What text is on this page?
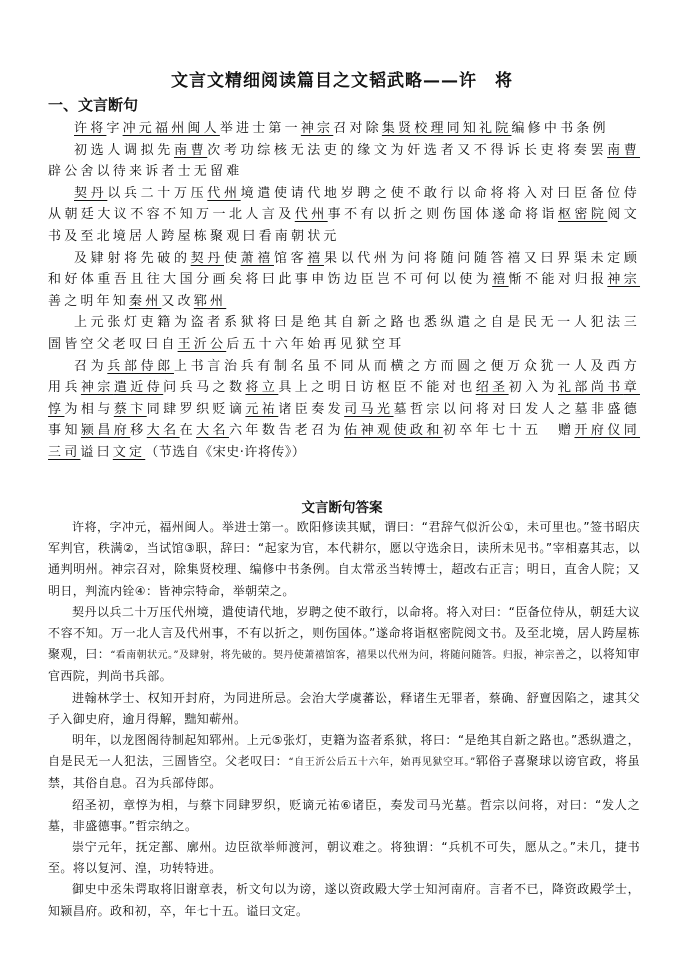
文言文精细阅读篇目之文韬武略——许　将
一、文言断句

许将字冲元福州闽人举进士第一神宗召对除集贤校理同知礼院编修中书条例

初选人调拟先南曹次考功综核无法吏的缘文为奸选者又不得诉长吏将奏罢南曹辟公舍以待来诉者士无留难

契丹以兵二十万压代州境遣使请代地岁聘之使不敢行以命将将入对曰臣备位侍从朝廷大议不容不知万一北人言及代州事不有以折之则伤国体遂命将诣枢密院阅文书及至北境居人跨屋栋聚观曰看南朝状元

及肄射将先破的契丹使萧禧馆客禧果以代州为问将随问随答禧又曰界渠未定顾和好体重吾且往大国分画矣将曰此事申饬边臣岂不可何以使为禧惭不能对归报神宗善之明年知秦州又改郓州

上元张灯吏籍为盗者系狱将曰是绝其自新之路也悉纵遣之自是民无一人犯法三圄皆空父老叹曰自王沂公后五十六年始再见狱空耳

召为兵部侍郎上书言治兵有制名虽不同从而横之方而圆之便万众犹一人及西方用兵神宗遣近侍问兵马之数将立具上之明日访枢臣不能对也绍圣初入为礼部尚书章惇为相与蔡卞同肆罗织贬谪元祐诸臣奏发司马光墓哲宗以问将对曰发人之墓非盛德事知颍昌府移大名在大名六年数告老召为佑神观使政和初卒年七十五　赠开府仪同三司谥曰文定（节选自《宋史·许将传》）

文言断句答案

许将，字冲元，福州闽人。举进士第一。欧阳修读其赋，谓曰：“君辞气似沂公①，未可里也。”签书昭庆军判官，秩满②，当试馆③职，辞曰：“起家为官，本代耕尔，愿以守选余日，读所未见书。”宰相嘉其志，以通判明州。神宗召对，除集贤校理、编修中书条例。自太常丞当转博士，超改右正言；明日，直舍人院；又明日，判流内铨④：皆神宗特命，举朝荣之。

契丹以兵二十万压代州境，遣使请代地，岁聘之使不敢行，以命将。将入对曰：“臣备位侍从，朝廷大议不容不知。万一北人言及代州事，不有以折之，则伤国体。”遂命将诣枢密院阅文书。及至北境，居人跨屋栋聚观，曰：“看南朝状元。”及肆射，将先破的。契丹使萧禧馆客，禧果以代州为问，将随问随答。归报，神宗善之，以将知审官西院，判尚书兵部。

进翰林学士、权知开封府，为同进所忌。会治大学虞蕃讼，释诸生无罪者，蔡确、舒亶因陷之，逮其父子入御史府，逾月得解，黜知蕲州。

明年，以龙图阁待制起知郓州。上元⑤张灯，吏籍为盗者系狱，将曰：“是绝其自新之路也。”悉纵遣之，自是民无一人犯法，三圄皆空。父老叹曰：“自王沂公后五十六年，始再见狱空耳。”郓俗子喜聚球以谤官政，将虽禁，其俗自息。召为兵部侍郎。

绍圣初，章惇为相，与蔡卞同肆罗织，贬谪元祐⑥诸臣，奏发司马光墓。哲宗以问将，对曰：“发人之墓，非盛德事。”哲宗纳之。

崇宁元年，抚定鄯、廓州。边臣欲举师渡河，朝议难之。将独谓：“兵机不可失，愿从之。”未几，捷书至。将以复河、湟，功转特进。

御史中丞朱谔取将旧谢章表，析文句以为谤，遂以资政殿大学士知河南府。言者不已，降资政殿学士，知颍昌府。政和初，卒，年七十五。谥曰文定。
